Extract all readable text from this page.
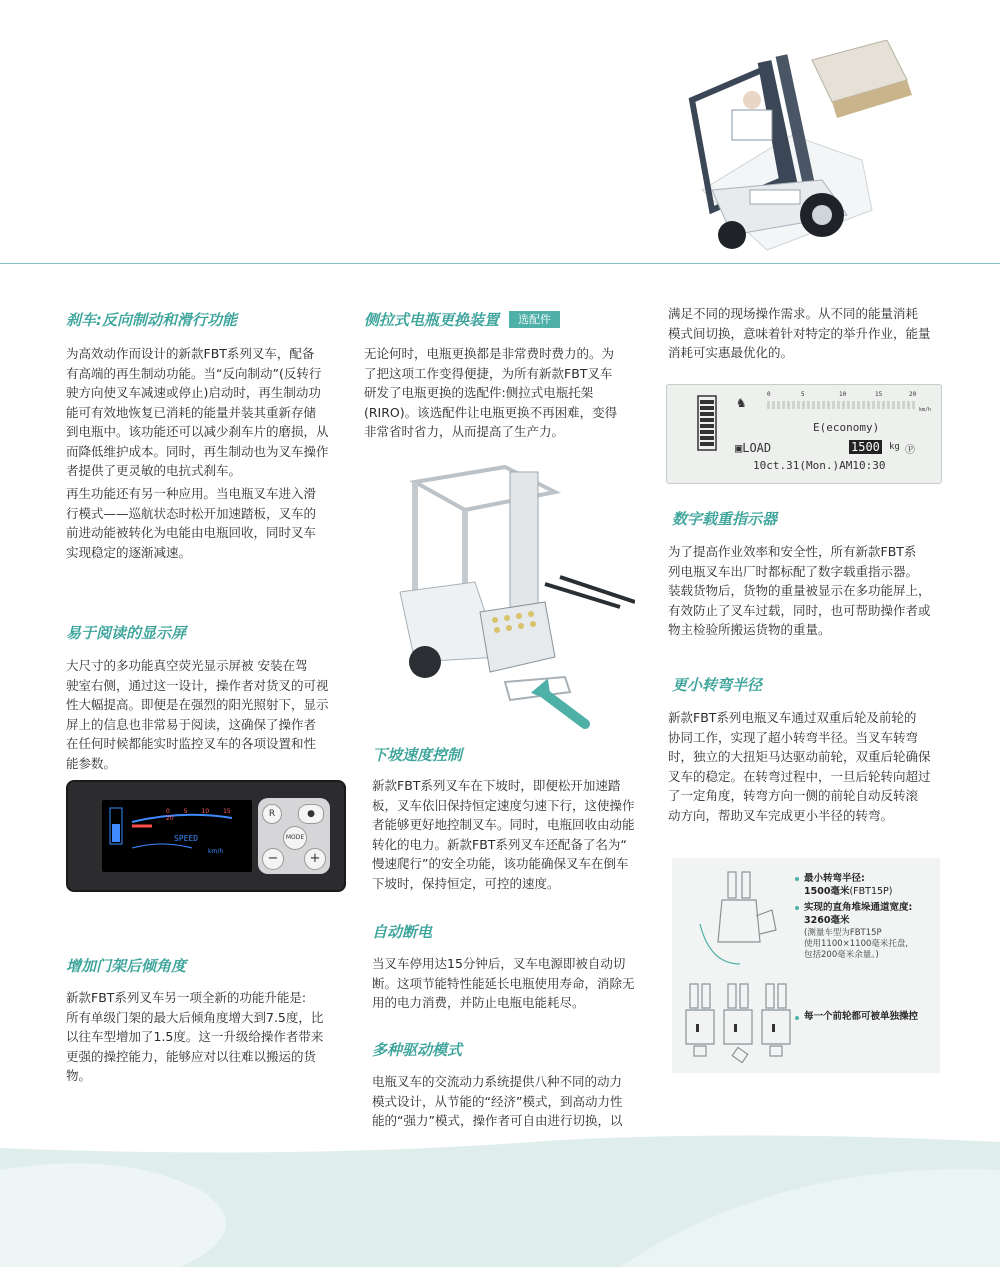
刹车:反向制动和滑行功能

为高效动作而设计的新款FBT系列叉车，配备
有高端的再生制动功能。当“反向制动”(反转行
驶方向使叉车减速或停止)启动时，再生制动功
能可有效地恢复已消耗的能量并装其重新存储
到电瓶中。该功能还可以减少刹车片的磨损，从
而降低维护成本。同时，再生制动也为叉车操作
者提供了更灵敏的电抗式刹车。

再生功能还有另一种应用。当电瓶叉车进入滑
行模式——巡航状态时松开加速踏板，叉车的
前进动能被转化为电能由电瓶回收，同时叉车
实现稳定的逐渐减速。

易于阅读的显示屏

大尺寸的多功能真空荧光显示屏被 安装在驾
驶室右侧，通过这一设计，操作者对货叉的可视
性大幅提高。即便是在强烈的阳光照射下，显示
屏上的信息也非常易于阅读，这确保了操作者
在任何时候都能实时监控叉车的各项设置和性
能参数。

0 5 10 15 20
SPEED
km/h
R	●
MODE
−	+
增加门架后倾角度

新款FBT系列叉车另一项全新的功能升能是:
所有单级门架的最大后倾角度增大到7.5度，比
以往车型增加了1.5度。这一升级给操作者带来
更强的操控能力，能够应对以往难以搬运的货
物。

侧拉式电瓶更换装置 选配件

无论何时，电瓶更换都是非常费时费力的。为
了把这项工作变得便捷，为所有新款FBT叉车
研发了电瓶更换的选配件:侧拉式电瓶托架
(RIRO)。该选配件让电瓶更换不再困难，变得
非常省时省力，从而提高了生产力。

下坡速度控制

新款FBT系列叉车在下坡时，即便松开加速踏
板，叉车依旧保持恒定速度匀速下行，这使操作
者能够更好地控制叉车。同时，电瓶回收由动能
转化的电力。新款FBT系列叉车还配备了名为“
慢速爬行”的安全功能，该功能确保叉车在倒车
下坡时，保持恒定，可控的速度。

自动断电

当叉车停用达15分钟后，叉车电源即被自动切
断。这项节能特性能延长电瓶使用寿命，消除无
用的电力消费，并防止电瓶电能耗尽。

多种驱动模式

电瓶叉车的交流动力系统提供八种不同的动力
模式设计，从节能的“经济”模式，到高动力性
能的“强力”模式，操作者可自由进行切换，以

满足不同的现场操作需求。从不同的能量消耗
模式间切换，意味着针对特定的举升作业，能量
消耗可实惠最优化的。

♞
0	5	10	15	20
km/h
E(economy)
▣LOAD	1500 kg Ⓟ
10ct.31(Mon.)AM10:30
数字载重指示器

为了提高作业效率和安全性，所有新款FBT系
列电瓶叉车出厂时都标配了数字载重指示器。
装载货物后，货物的重量被显示在多功能屏上，
有效防止了叉车过载，同时，也可帮助操作者或
物主检验所搬运货物的重量。

更小转弯半径

新款FBT系列电瓶叉车通过双重后轮及前轮的
协同工作，实现了超小转弯半径。当叉车转弯
时，独立的大扭矩马达驱动前轮，双重后轮确保
叉车的稳定。在转弯过程中，一旦后轮转向超过
了一定角度，转弯方向一侧的前轮自动反转滚
动方向，帮助叉车完成更小半径的转弯。

最小转弯半径:

1500毫米(FBT15P)

实现的直角堆垛通道宽度:

3260毫米

(测量车型为FBT15P
使用1100×1100毫米托盘,
包括200毫米余量。)

每一个前轮都可被单独操控
